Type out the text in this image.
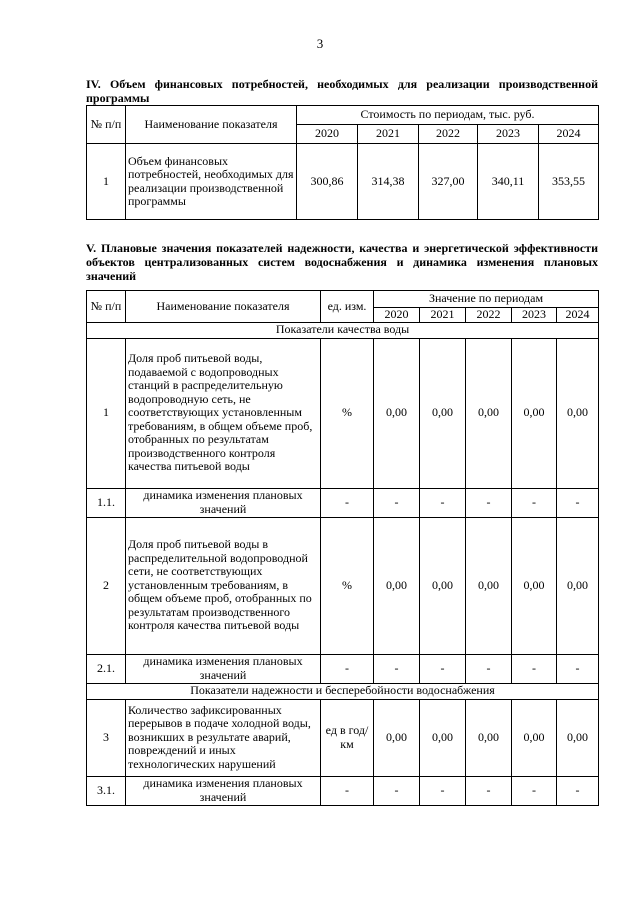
3
IV. Объем финансовых потребностей, необходимых для реализации производственной программы
№ п/п	Наименование показателя	Стоимость по периодам, тыс. руб.				
		2020	2021	2022	2023	2024
1	Объем финансовых потребностей, необходимых для реализации производственной программы	300,86	314,38	327,00	340,11	353,55
V. Плановые значения показателей надежности, качества и энергетической эффективности объектов централизованных систем водоснабжения и динамика изменения плановых значений
№ п/п	Наименование показателя	ед. изм.	Значение по периодам				
			2020	2021	2022	2023	2024
Показатели качества воды							
1	Доля проб питьевой воды, подаваемой с водопроводных станций в распределительную водопроводную сеть, не соответствующих установленным требованиям, в общем объеме проб, отобранных по результатам производственного контроля качества питьевой воды	%	0,00	0,00	0,00	0,00	0,00
1.1.	динамика изменения плановых значений	-	-	-	-	-	-
2	Доля проб питьевой воды в распределительной водопроводной сети, не соответствующих установленным требованиям, в общем объеме проб, отобранных по результатам производственного контроля качества питьевой воды	%	0,00	0,00	0,00	0,00	0,00
2.1.	динамика изменения плановых значений	-	-	-	-	-	-
Показатели надежности и бесперебойности водоснабжения							
3	Количество зафиксированных перерывов в подаче холодной воды, возникших в результате аварий, повреждений и иных технологических нарушений	ед в год/ км	0,00	0,00	0,00	0,00	0,00
3.1.	динамика изменения плановых значений	-	-	-	-	-	-
